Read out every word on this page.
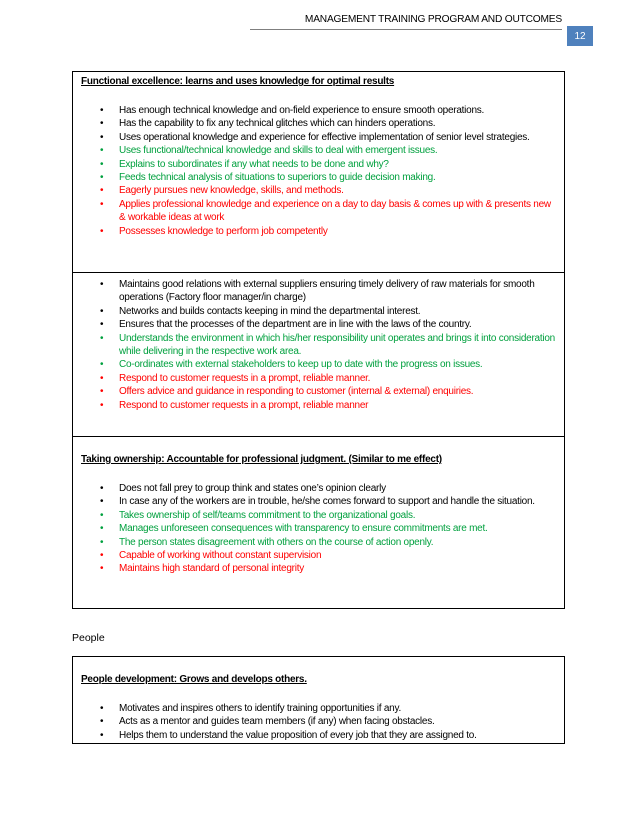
MANAGEMENT TRAINING PROGRAM AND OUTCOMES
12

Functional excellence: learns and uses knowledge for optimal results

• Has enough technical knowledge and on-field experience to ensure smooth operations.
• Has the capability to fix any technical glitches which can hinders operations.
• Uses operational knowledge and experience for effective implementation of senior level strategies.
• Uses functional/technical knowledge and skills to deal with emergent issues.
• Explains to subordinates if any what needs to be done and why?
• Feeds technical analysis of situations to superiors to guide decision making.
• Eagerly pursues new knowledge, skills, and methods.
• Applies professional knowledge and experience on a day to day basis & comes up with & presents new & workable ideas at work
• Possesses knowledge to perform job competently
• Maintains good relations with external suppliers ensuring timely delivery of raw materials for smooth operations (Factory floor manager/in charge)
• Networks and builds contacts keeping in mind the departmental interest.
• Ensures that the processes of the department are in line with the laws of the country.
• Understands the environment in which his/her responsibility unit operates and brings it into consideration while delivering in the respective work area.
• Co-ordinates with external stakeholders to keep up to date with the progress on issues.
• Respond to customer requests in a prompt, reliable manner.
• Offers advice and guidance in responding to customer (internal & external) enquiries.
• Respond to customer requests in a prompt, reliable manner

Taking ownership: Accountable for professional judgment. (Similar to me effect)

• Does not fall prey to group think and states one’s opinion clearly
• In case any of the workers are in trouble, he/she comes forward to support and handle the situation.
• Takes ownership of self/teams commitment to the organizational goals.
• Manages unforeseen consequences with transparency to ensure commitments are met.
• The person states disagreement with others on the course of action openly.
• Capable of working without constant supervision
• Maintains high standard of personal integrity
People

People development: Grows and develops others.

• Motivates and inspires others to identify training opportunities if any.
• Acts as a mentor and guides team members (if any) when facing obstacles.
• Helps them to understand the value proposition of every job that they are assigned to.
